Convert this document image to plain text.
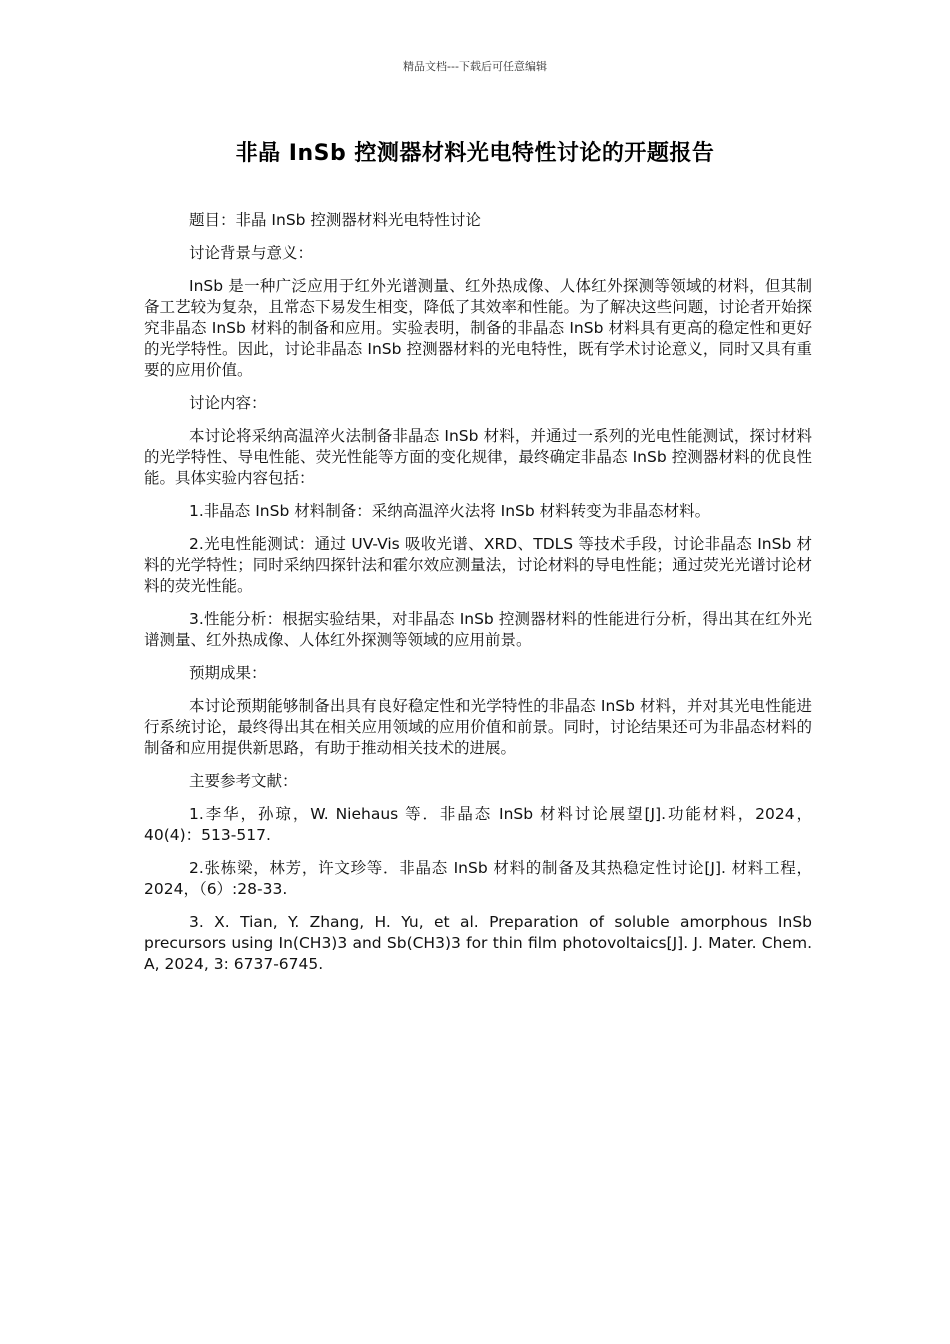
精品文档---下载后可任意编辑
非晶 InSb 控测器材料光电特性讨论的开题报告

题目：非晶 InSb 控测器材料光电特性讨论

讨论背景与意义：

InSb 是一种广泛应用于红外光谱测量、红外热成像、人体红外探测等领域的材料，但其制备工艺较为复杂，且常态下易发生相变，降低了其效率和性能。为了解决这些问题，讨论者开始探究非晶态 InSb 材料的制备和应用。实验表明，制备的非晶态 InSb 材料具有更高的稳定性和更好的光学特性。因此，讨论非晶态 InSb 控测器材料的光电特性，既有学术讨论意义，同时又具有重要的应用价值。

讨论内容：

本讨论将采纳高温淬火法制备非晶态 InSb 材料，并通过一系列的光电性能测试，探讨材料的光学特性、导电性能、荧光性能等方面的变化规律，最终确定非晶态 InSb 控测器材料的优良性能。具体实验内容包括：

1.非晶态 InSb 材料制备：采纳高温淬火法将 InSb 材料转变为非晶态材料。

2.光电性能测试：通过 UV-Vis 吸收光谱、XRD、TDLS 等技术手段，讨论非晶态 InSb 材料的光学特性；同时采纳四探针法和霍尔效应测量法，讨论材料的导电性能；通过荧光光谱讨论材料的荧光性能。

3.性能分析：根据实验结果，对非晶态 InSb 控测器材料的性能进行分析，得出其在红外光谱测量、红外热成像、人体红外探测等领域的应用前景。

预期成果：

本讨论预期能够制备出具有良好稳定性和光学特性的非晶态 InSb 材料，并对其光电性能进行系统讨论，最终得出其在相关应用领域的应用价值和前景。同时，讨论结果还可为非晶态材料的制备和应用提供新思路，有助于推动相关技术的进展。

主要参考文献：

1.李华，孙琼，W. Niehaus 等．非晶态 InSb 材料讨论展望[J].功能材料，2024，40(4)：513-517.

2.张栋梁，林芳，许文珍等．非晶态 InSb 材料的制备及其热稳定性讨论[J]. 材料工程，2024，（6）:28-33.

3. X. Tian, Y. Zhang, H. Yu, et al. Preparation of soluble amorphous InSb precursors using In(CH3)3 and Sb(CH3)3 for thin film photovoltaics[J]. J. Mater. Chem. A, 2024, 3: 6737-6745.
